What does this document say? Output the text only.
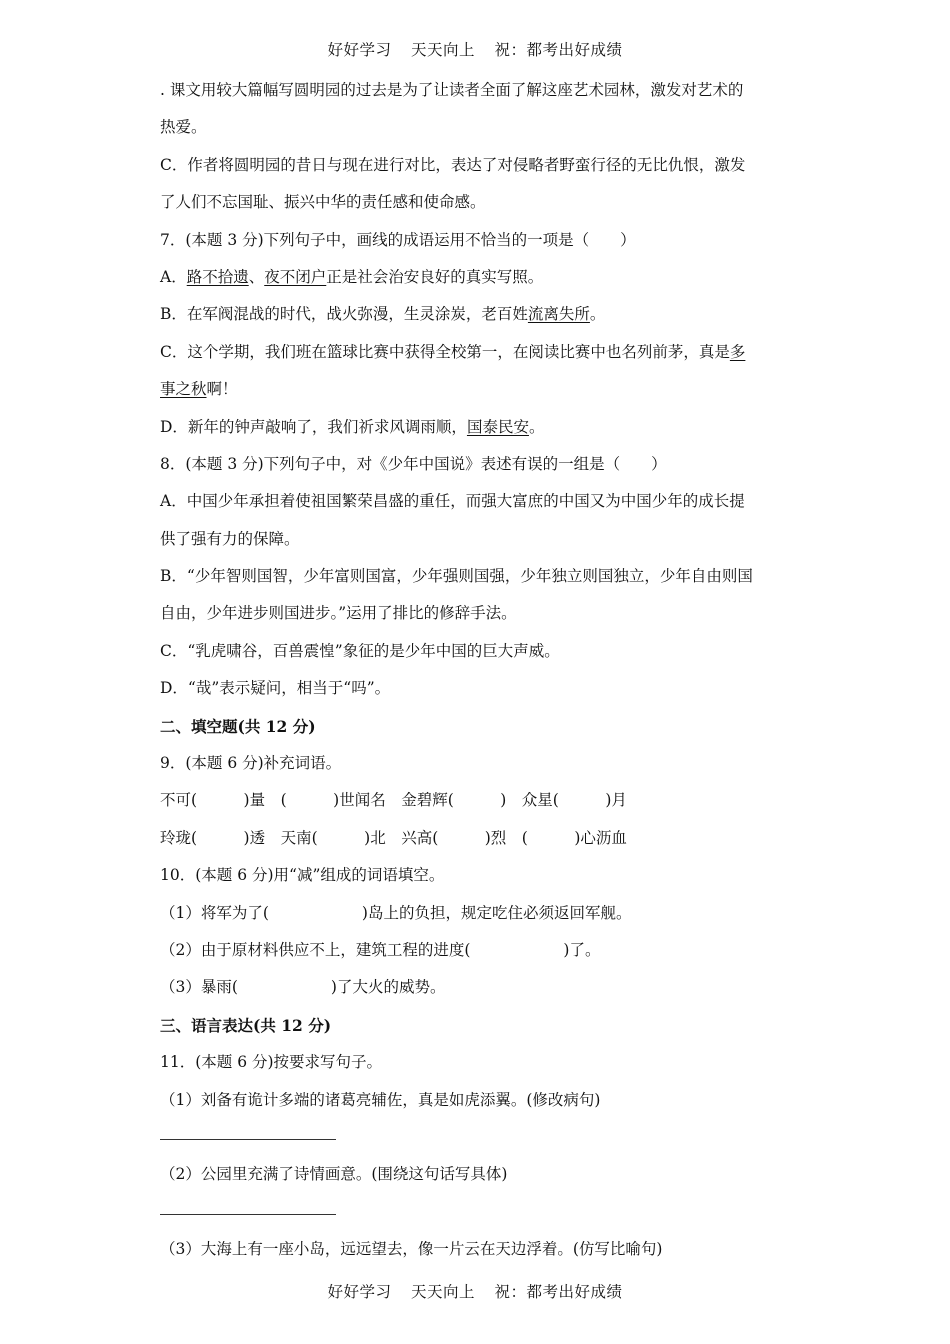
好好学习 天天向上 祝：都考出好成绩
. 课文用较大篇幅写圆明园的过去是为了让读者全面了解这座艺术园林，激发对艺术的
热爱。
C．作者将圆明园的昔日与现在进行对比，表达了对侵略者野蛮行径的无比仇恨，激发
了人们不忘国耻、振兴中华的责任感和使命感。
7．(本题 3 分)下列句子中，画线的成语运用不恰当的一项是（　　）
A．路不拾遗、夜不闭户正是社会治安良好的真实写照。
B．在军阀混战的时代，战火弥漫，生灵涂炭，老百姓流离失所。
C．这个学期，我们班在篮球比赛中获得全校第一，在阅读比赛中也名列前茅，真是多
事之秋啊！
D．新年的钟声敲响了，我们祈求风调雨顺，国泰民安。
8．(本题 3 分)下列句子中，对《少年中国说》表述有误的一组是（　　）
A．中国少年承担着使祖国繁荣昌盛的重任，而强大富庶的中国又为中国少年的成长提
供了强有力的保障。
B．“少年智则国智，少年富则国富，少年强则国强，少年独立则国独立，少年自由则国
自由，少年进步则国进步。”运用了排比的修辞手法。
C．“乳虎啸谷，百兽震惶”象征的是少年中国的巨大声威。
D．“哉”表示疑问，相当于“吗”。
二、填空题(共 12 分)
9．(本题 6 分)补充词语。
不可(　　　)量　(　　　)世闻名　金碧辉(　　　)　众星(　　　)月
玲珑(　　　)透　天南(　　　)北　兴高(　　　)烈　(　　　)心沥血
10．(本题 6 分)用“减”组成的词语填空。
（1）将军为了(　　　　　　)岛上的负担，规定吃住必须返回军舰。
（2）由于原材料供应不上，建筑工程的进度(　　　　　　)了。
（3）暴雨(　　　　　　)了大火的威势。
三、语言表达(共 12 分)
11．(本题 6 分)按要求写句子。
（1）刘备有诡计多端的诸葛亮辅佐，真是如虎添翼。(修改病句)
（2）公园里充满了诗情画意。(围绕这句话写具体)
（3）大海上有一座小岛，远远望去，像一片云在天边浮着。(仿写比喻句)
好好学习 天天向上 祝：都考出好成绩
